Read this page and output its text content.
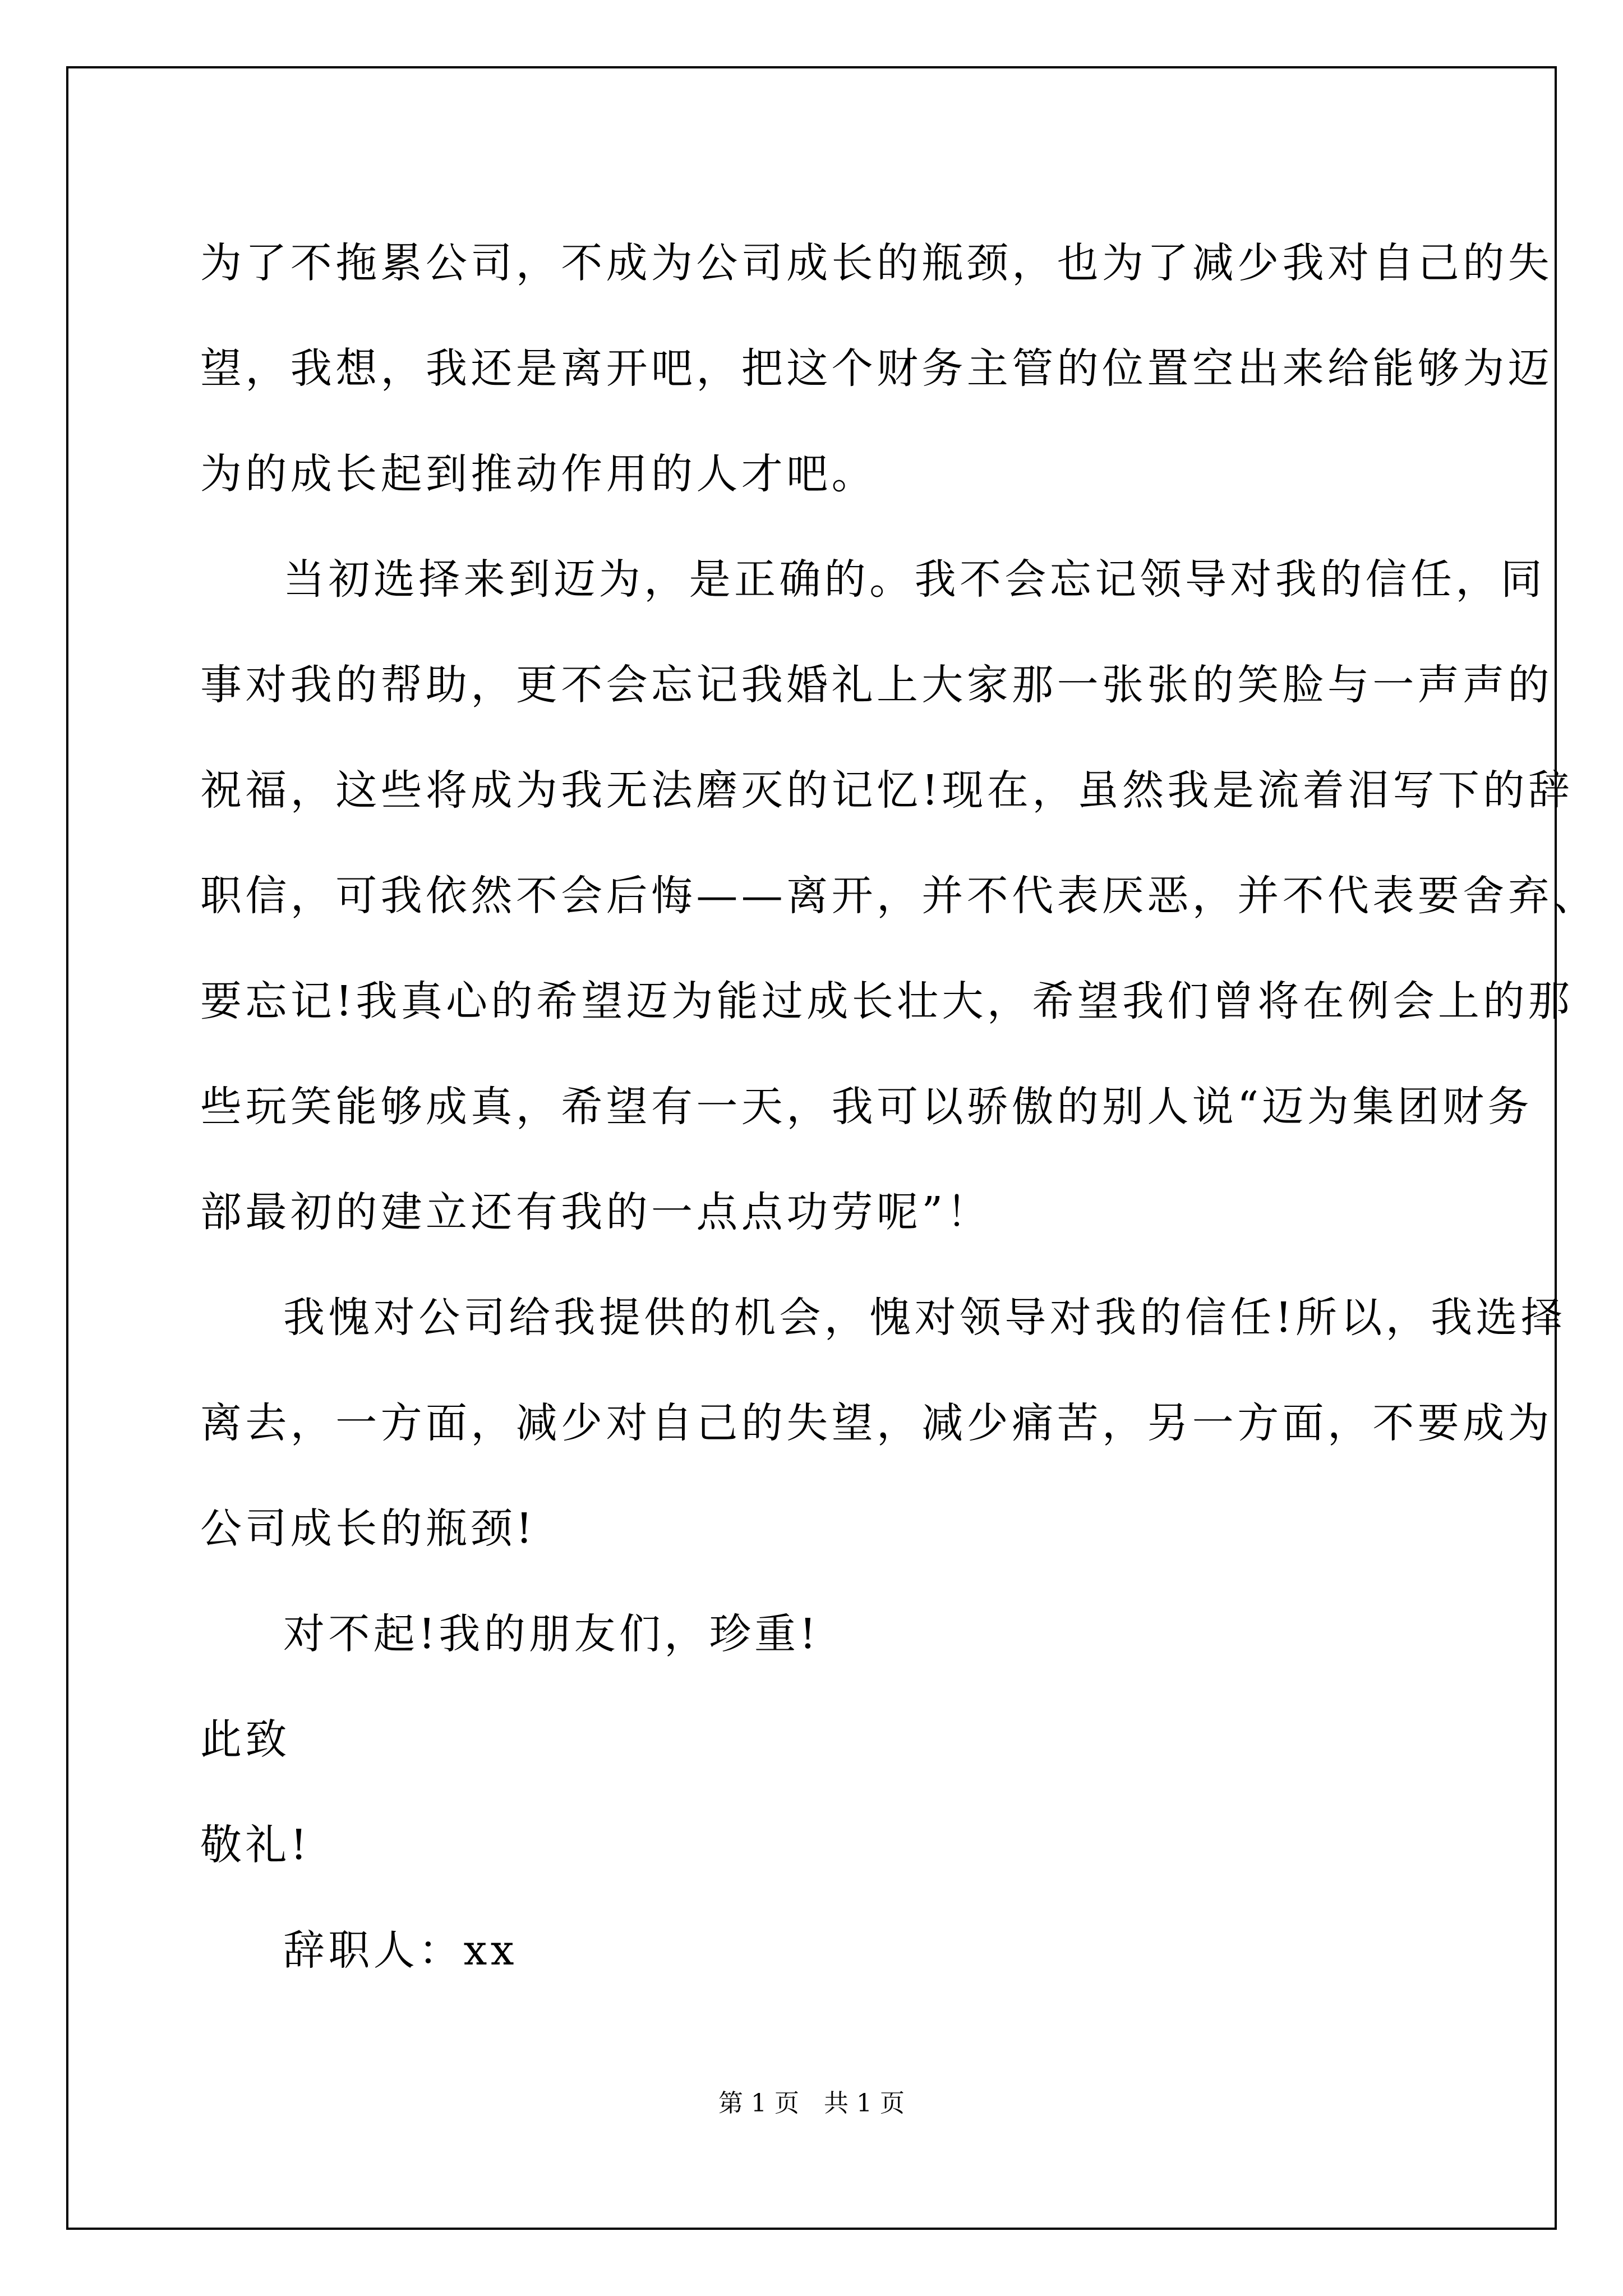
为了不拖累公司，不成为公司成长的瓶颈，也为了减少我对自己的失
望，我想，我还是离开吧，把这个财务主管的位置空出来给能够为迈
为的成长起到推动作用的人才吧。
当初选择来到迈为，是正确的。我不会忘记领导对我的信任，同
事对我的帮助，更不会忘记我婚礼上大家那一张张的笑脸与一声声的
祝福，这些将成为我无法磨灭的记忆!现在，虽然我是流着泪写下的辞
职信，可我依然不会后悔——离开，并不代表厌恶，并不代表要舍弃、
要忘记!我真心的希望迈为能过成长壮大，希望我们曾将在例会上的那
些玩笑能够成真，希望有一天，我可以骄傲的别人说“迈为集团财务
部最初的建立还有我的一点点功劳呢”！
我愧对公司给我提供的机会，愧对领导对我的信任!所以，我选择
离去，一方面，减少对自己的失望，减少痛苦，另一方面，不要成为
公司成长的瓶颈!
对不起!我的朋友们，珍重!
此致
敬礼!
辞职人：xx
第 1 页　共 1 页
